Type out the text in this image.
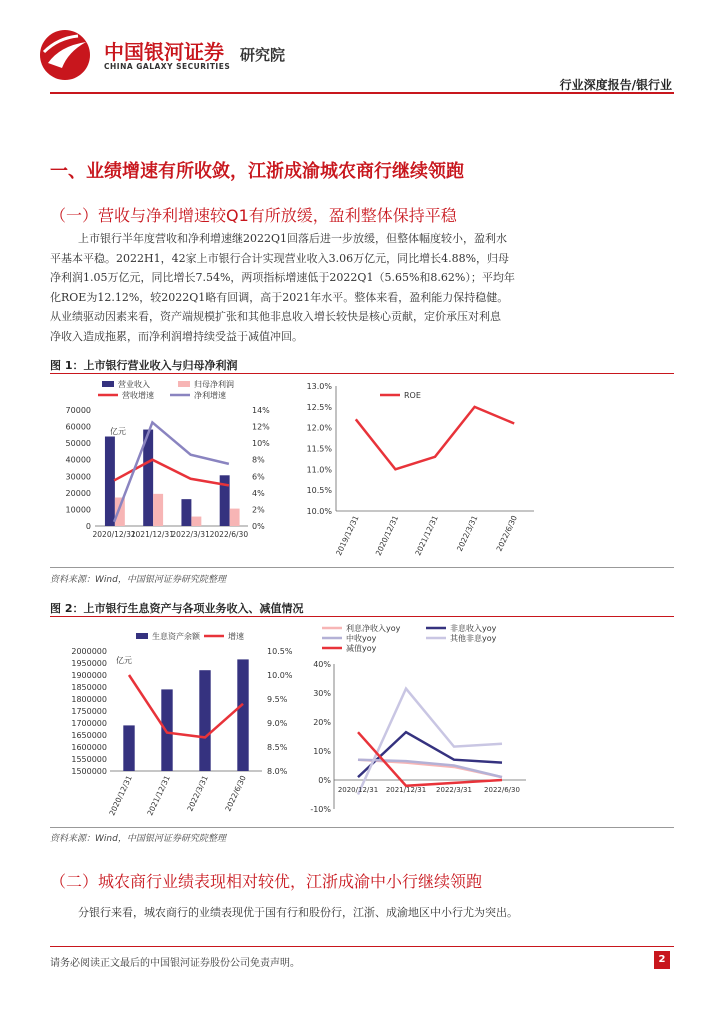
中国银河证券
CHINA GALAXY SECURITIES
研究院
行业深度报告/银行业
一、业绩增速有所收敛，江浙成渝城农商行继续领跑
（一）营收与净利增速较Q1有所放缓，盈利整体保持平稳
上市银行半年度营收和净利增速继2022Q1回落后进一步放缓，但整体幅度较小，盈利水
平基本平稳。2022H1，42家上市银行合计实现营业收入3.06万亿元，同比增长4.88%，归母
净利润1.05万亿元，同比增长7.54%，两项指标增速低于2022Q1（5.65%和8.62%）；平均年
化ROE为12.12%，较2022Q1略有回调，高于2021年水平。整体来看，盈利能力保持稳健。
从业绩驱动因素来看，资产端规模扩张和其他非息收入增长较快是核心贡献，定价承压对利息
净收入造成拖累，而净利润增持续受益于减值冲回。
图 1：上市银行营业收入与归母净利润
0
10000
20000
30000
40000
50000
60000
70000
0%
2%
4%
6%
8%
10%
12%
14%
亿元
2020/12/31
2021/12/31
2022/3/31 2022/6/30
营业收入	归母净利润
营收增速	净利增速
10.0%
10.5%
11.0%
11.5%
12.0%
12.5%
13.0%
2019/12/31 2020/12/31 2021/12/31 2022/3/31 2022/6/30
ROE
资料来源：Wind，中国银河证券研究院整理
图 2：上市银行生息资产与各项业务收入、减值情况
1500000
1550000
1600000
1650000
1700000
1750000
1800000
1850000
1900000
1950000
2000000
8.0%
8.5%
9.0%
9.5%
10.0%
10.5%
亿元
2020/12/31 2021/12/31 2022/3/31 2022/6/30
生息资产余额	增速
-10%
0%
10%
20%
30%
40%
2020/12/31 2021/12/31 2022/3/31 2022/6/30
利息净收入yoy	非息收入yoy
中收yoy	其他非息yoy
减值yoy
资料来源：Wind，中国银河证券研究院整理
（二）城农商行业绩表现相对较优，江浙成渝中小行继续领跑
分银行来看，城农商行的业绩表现优于国有行和股份行，江浙、成渝地区中小行尤为突出。
请务必阅读正文最后的中国银河证券股份公司免责声明。	2
